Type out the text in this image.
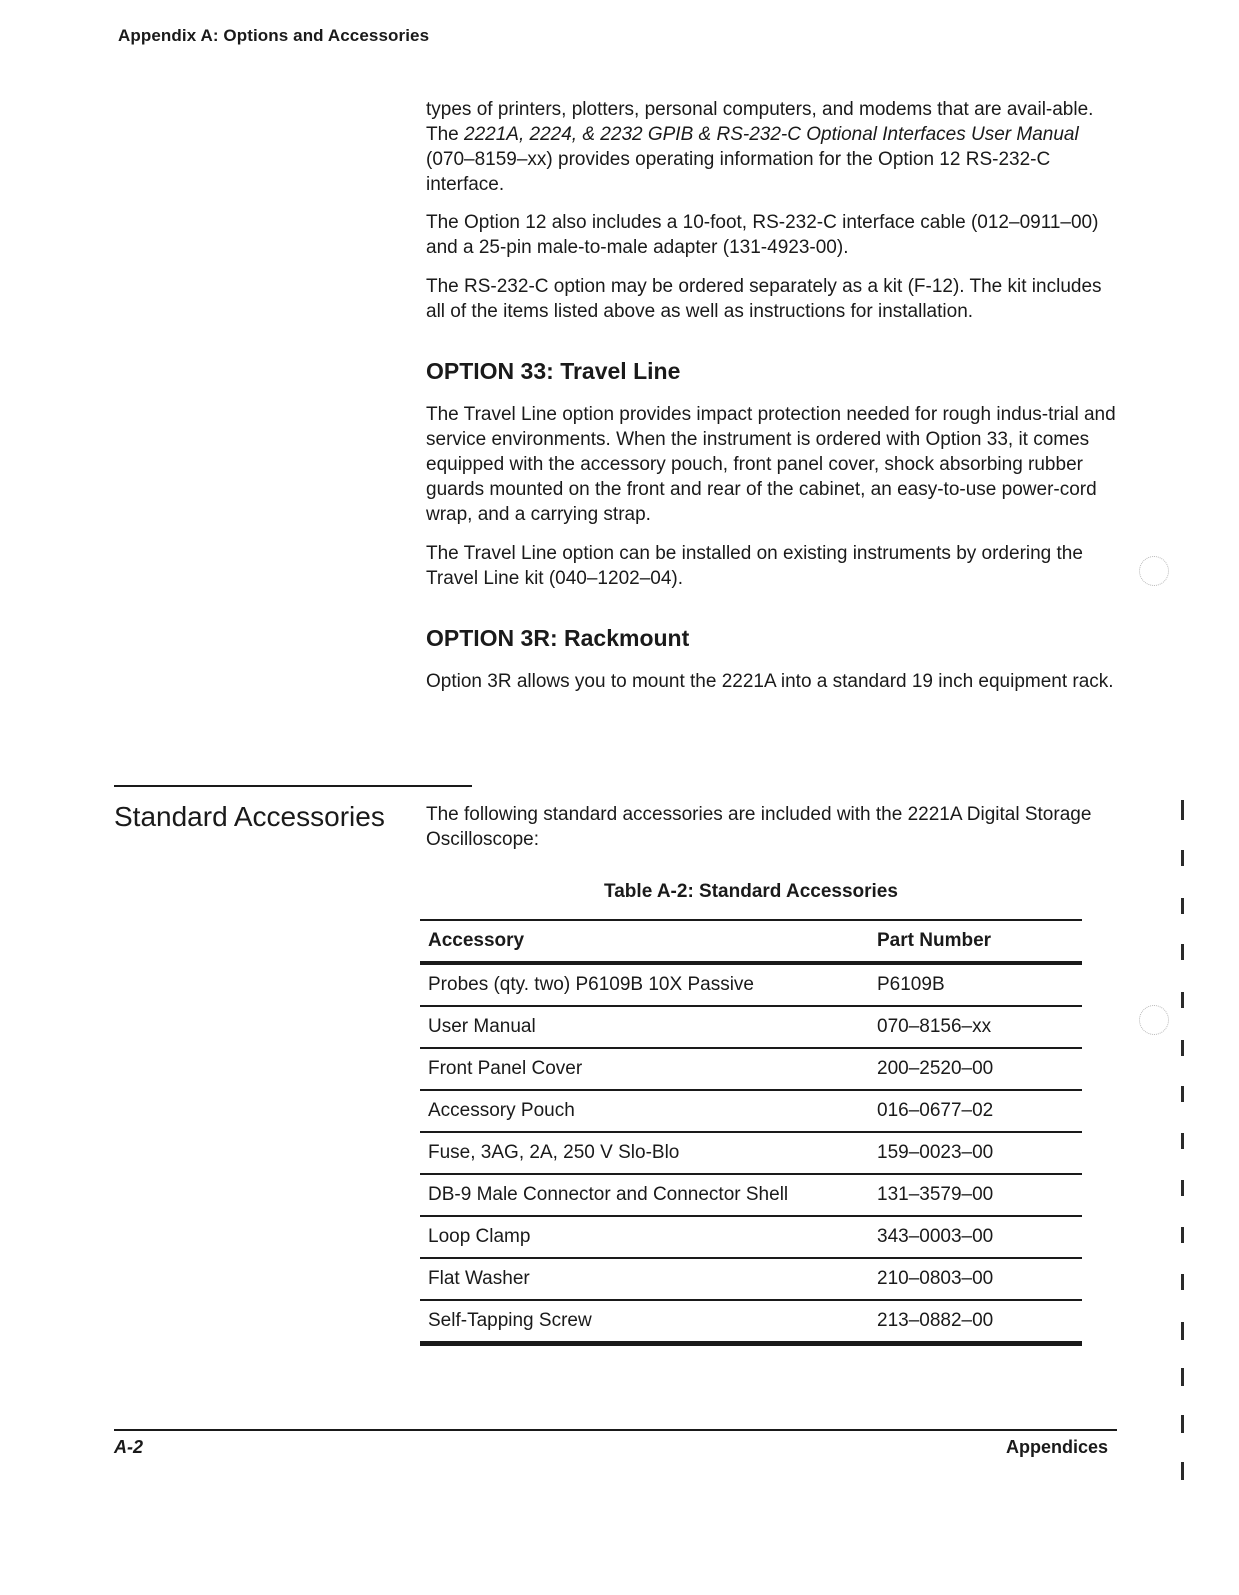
Appendix A: Options and Accessories

types of printers, plotters, personal computers, and modems that are avail-able. The 2221A, 2224, & 2232 GPIB & RS-232-C Optional Interfaces User Manual (070–8159–xx) provides operating information for the Option 12 RS-232-C interface.

The Option 12 also includes a 10-foot, RS-232-C interface cable (012–0911–00) and a 25-pin male-to-male adapter (131-4923-00).

The RS-232-C option may be ordered separately as a kit (F-12). The kit includes all of the items listed above as well as instructions for installation.

OPTION 33: Travel Line

The Travel Line option provides impact protection needed for rough indus-trial and service environments. When the instrument is ordered with Option 33, it comes equipped with the accessory pouch, front panel cover, shock absorbing rubber guards mounted on the front and rear of the cabinet, an easy-to-use power-cord wrap, and a carrying strap.

The Travel Line option can be installed on existing instruments by ordering the Travel Line kit (040–1202–04).

OPTION 3R: Rackmount

Option 3R allows you to mount the 2221A into a standard 19 inch equipment rack.

Standard Accessories	The following standard accessories are included with the 2221A Digital Storage Oscilloscope:

Table A-2: Standard Accessories
Accessory	Part Number
Probes (qty. two) P6109B 10X Passive	P6109B
User Manual	070–8156–xx
Front Panel Cover	200–2520–00
Accessory Pouch	016–0677–02
Fuse, 3AG, 2A, 250 V Slo-Blo	159–0023–00
DB-9 Male Connector and Connector Shell	131–3579–00
Loop Clamp	343–0003–00
Flat Washer	210–0803–00
Self-Tapping Screw	213–0882–00
A-2	Appendices
